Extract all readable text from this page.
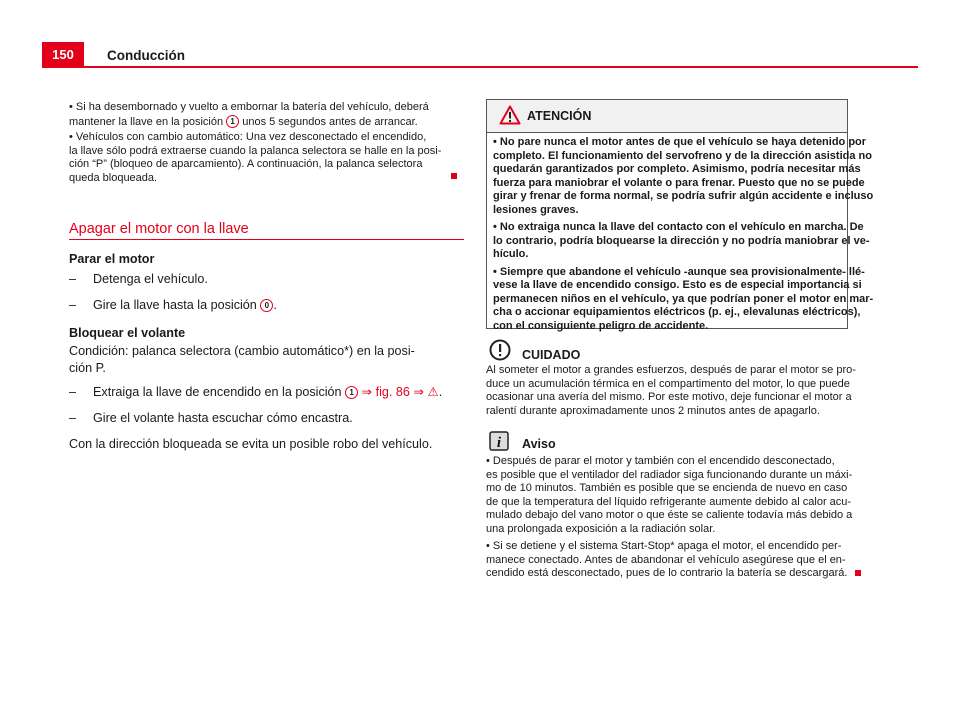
150	Conducción
• Si ha desembornado y vuelto a embornar la batería del vehículo, deberá
mantener la llave en la posición 1 unos 5 segundos antes de arrancar.
• Vehículos con cambio automático: Una vez desconectado el encendido,
la llave sólo podrá extraerse cuando la palanca selectora se halle en la posi-
ción “P” (bloqueo de aparcamiento). A continuación, la palanca selectora
queda bloqueada.
Apagar el motor con la llave
Parar el motor
– Detenga el vehículo.
– Gire la llave hasta la posición 0 .
Bloquear el volante
Condición: palanca selectora (cambio automático*) en la posi-
ción P.
– Extraiga la llave de encendido en la posición 1 ⇒ fig. 86 ⇒ ⚠.
– Gire el volante hasta escuchar cómo encastra.
Con la dirección bloqueada se evita un posible robo del vehículo.
ATENCIÓN
• No pare nunca el motor antes de que el vehículo se haya detenido por
completo. El funcionamiento del servofreno y de la dirección asistida no
quedarán garantizados por completo. Asimismo, podría necesitar más
fuerza para maniobrar el volante o para frenar. Puesto que no se puede
girar y frenar de forma normal, se podría sufrir algún accidente e incluso
lesiones graves.
• No extraiga nunca la llave del contacto con el vehículo en marcha. De
lo contrario, podría bloquearse la dirección y no podría maniobrar el ve-
hículo.
• Siempre que abandone el vehículo -aunque sea provisionalmente- llé-
vese la llave de encendido consigo. Esto es de especial importancia si
permanecen niños en el vehículo, ya que podrían poner el motor en mar-
cha o accionar equipamientos eléctricos (p. ej., elevalunas eléctricos),
con el consiguiente peligro de accidente.
CUIDADO
Al someter el motor a grandes esfuerzos, después de parar el motor se pro-
duce un acumulación térmica en el compartimento del motor, lo que puede
ocasionar una avería del mismo. Por este motivo, deje funcionar el motor a
ralentí durante aproximadamente unos 2 minutos antes de apagarlo.
i Aviso
• Después de parar el motor y también con el encendido desconectado,
es posible que el ventilador del radiador siga funcionando durante un máxi-
mo de 10 minutos. También es posible que se encienda de nuevo en caso
de que la temperatura del líquido refrigerante aumente debido al calor acu-
mulado debajo del vano motor o que éste se caliente todavía más debido a
una prolongada exposición a la radiación solar.
• Si se detiene y el sistema Start-Stop* apaga el motor, el encendido per-
manece conectado. Antes de abandonar el vehículo asegúrese que el en-
cendido está desconectado, pues de lo contrario la batería se descargará.
